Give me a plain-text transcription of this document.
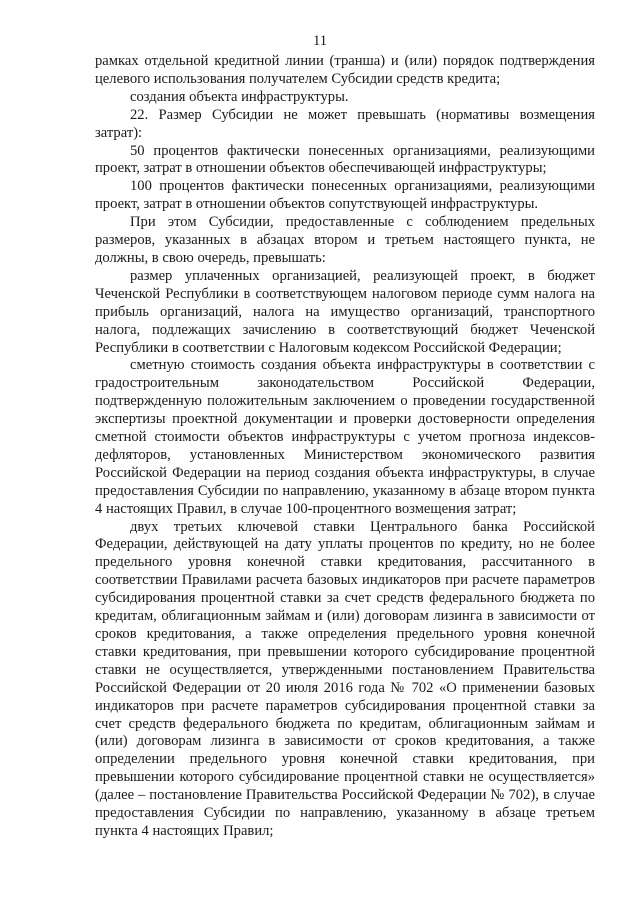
11

рамках отдельной кредитной линии (транша) и (или) порядок подтверждения целевого использования получателем Субсидии средств кредита;

создания объекта инфраструктуры.

22. Размер Субсидии не может превышать (нормативы возмещения затрат):

50 процентов фактически понесенных организациями, реализующими проект, затрат в отношении объектов обеспечивающей инфраструктуры;

100 процентов фактически понесенных организациями, реализующими проект, затрат в отношении объектов сопутствующей инфраструктуры.

При этом Субсидии, предоставленные с соблюдением предельных размеров, указанных в абзацах втором и третьем настоящего пункта, не должны, в свою очередь, превышать:

размер уплаченных организацией, реализующей проект, в бюджет Чеченской Республики в соответствующем налоговом периоде сумм налога на прибыль организаций, налога на имущество организаций, транспортного налога, подлежащих зачислению в соответствующий бюджет Чеченской Республики в соответствии с Налоговым кодексом Российской Федерации;

сметную стоимость создания объекта инфраструктуры в соответствии с градостроительным законодательством Российской Федерации, подтвержденную положительным заключением о проведении государственной экспертизы проектной документации и проверки достоверности определения сметной стоимости объектов инфраструктуры с учетом прогноза индексов-дефляторов, установленных Министерством экономического развития Российской Федерации на период создания объекта инфраструктуры, в случае предоставления Субсидии по направлению, указанному в абзаце втором пункта 4 настоящих Правил, в случае 100-процентного возмещения затрат;

двух третьих ключевой ставки Центрального банка Российской Федерации, действующей на дату уплаты процентов по кредиту, но не более предельного уровня конечной ставки кредитования, рассчитанного в соответствии Правилами расчета базовых индикаторов при расчете параметров субсидирования процентной ставки за счет средств федерального бюджета по кредитам, облигационным займам и (или) договорам лизинга в зависимости от сроков кредитования, а также определения предельного уровня конечной ставки кредитования, при превышении которого субсидирование процентной ставки не осуществляется, утвержденными постановлением Правительства Российской Федерации от 20 июля 2016 года № 702 «О применении базовых индикаторов при расчете параметров субсидирования процентной ставки за счет средств федерального бюджета по кредитам, облигационным займам и (или) договорам лизинга в зависимости от сроков кредитования, а также определении предельного уровня конечной ставки кредитования, при превышении которого субсидирование процентной ставки не осуществляется» (далее – постановление Правительства Российской Федерации № 702), в случае предоставления Субсидии по направлению, указанному в абзаце третьем пункта 4 настоящих Правил;
